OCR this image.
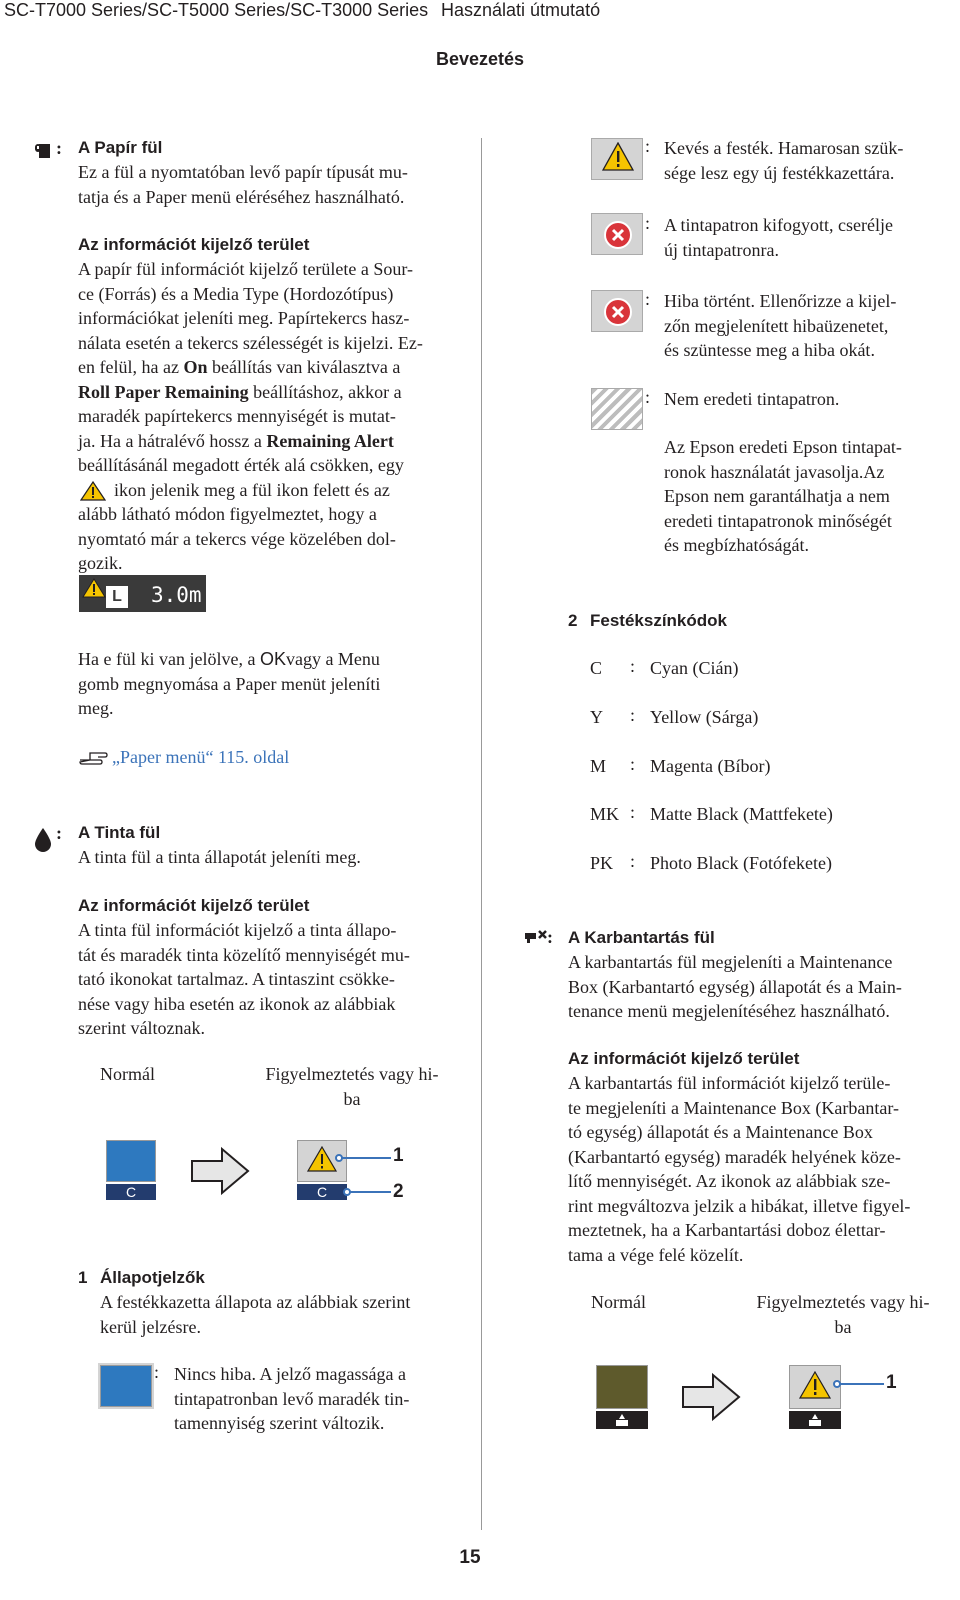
SC-T7000 Series/SC-T5000 Series/SC-T3000 Series Használati útmutató
Bevezetés
: A Papír fül
Ez a fül a nyomtatóban levő papír típusát mu-
tatja és a Paper menü eléréséhez használható.
Az információt kijelző terület
A papír fül információt kijelző területe a Sour-
ce (Forrás) és a Media Type (Hordozótípus)
információkat jeleníti meg. Papírtekercs hasz-
nálata esetén a tekercs szélességét is kijelzi. Ez-
en felül, ha az On beállítás van kiválasztva a
Roll Paper Remaining beállításhoz, akkor a
maradék papírtekercs mennyiségét is mutat-
ja. Ha a hátralévő hossz a Remaining Alert
beállításánál megadott érték alá csökken, egy
ikon jelenik meg a fül ikon felett és az
alább látható módon figyelmeztet, hogy a
nyomtató már a tekercs vége közelében dol-
gozik.
L 3.0m
Ha e fül ki van jelölve, a OKvagy a Menu
gomb megnyomása a Paper menüt jeleníti
meg.
„Paper menü“ 115. oldal
: A Tinta fül
A tinta fül a tinta állapotát jeleníti meg.
Az információt kijelző terület
A tinta fül információt kijelző a tinta állapo-
tát és maradék tinta közelítő mennyiségét mu-
tató ikonokat tartalmaz. A tintaszint csökke-
nése vagy hiba esetén az ikonok az alábbiak
szerint változnak.
Normál	Figyelmeztetés vagy hi-
ba
C	C
1
2
1 Állapotjelzők
A festékkazetta állapota az alábbiak szerint
kerül jelzésre.
: Nincs hiba. A jelző magassága a
tintapatronban levő maradék tin-
tamennyiség szerint változik.
: Kevés a festék. Hamarosan szük-
sége lesz egy új festékkazettára.
: A tintapatron kifogyott, cserélje
új tintapatronra.
: Hiba történt. Ellenőrizze a kijel-
zőn megjelenített hibaüzenetet,
és szüntesse meg a hiba okát.
: Nem eredeti tintapatron.
Az Epson eredeti Epson tintapat-
ronok használatát javasolja.Az
Epson nem garantálhatja a nem
eredeti tintapatronok minőségét
és megbízhatóságát.
2 Festékszínkódok
C : Cyan (Cián)
Y : Yellow (Sárga)
M : Magenta (Bíbor)
MK : Matte Black (Mattfekete)
PK : Photo Black (Fotófekete)
: A Karbantartás fül
A karbantartás fül megjeleníti a Maintenance
Box (Karbantartó egység) állapotát és a Main-
tenance menü megjelenítéséhez használható.
Az információt kijelző terület
A karbantartás fül információt kijelző terüle-
te megjeleníti a Maintenance Box (Karbantar-
tó egység) állapotát és a Maintenance Box
(Karbantartó egység) maradék helyének köze-
lítő mennyiségét. Az ikonok az alábbiak sze-
rint megváltozva jelzik a hibákat, illetve figyel-
meztetnek, ha a Karbantartási doboz élettar-
tama a vége felé közelít.
Normál	Figyelmeztetés vagy hi-
ba
1
15
